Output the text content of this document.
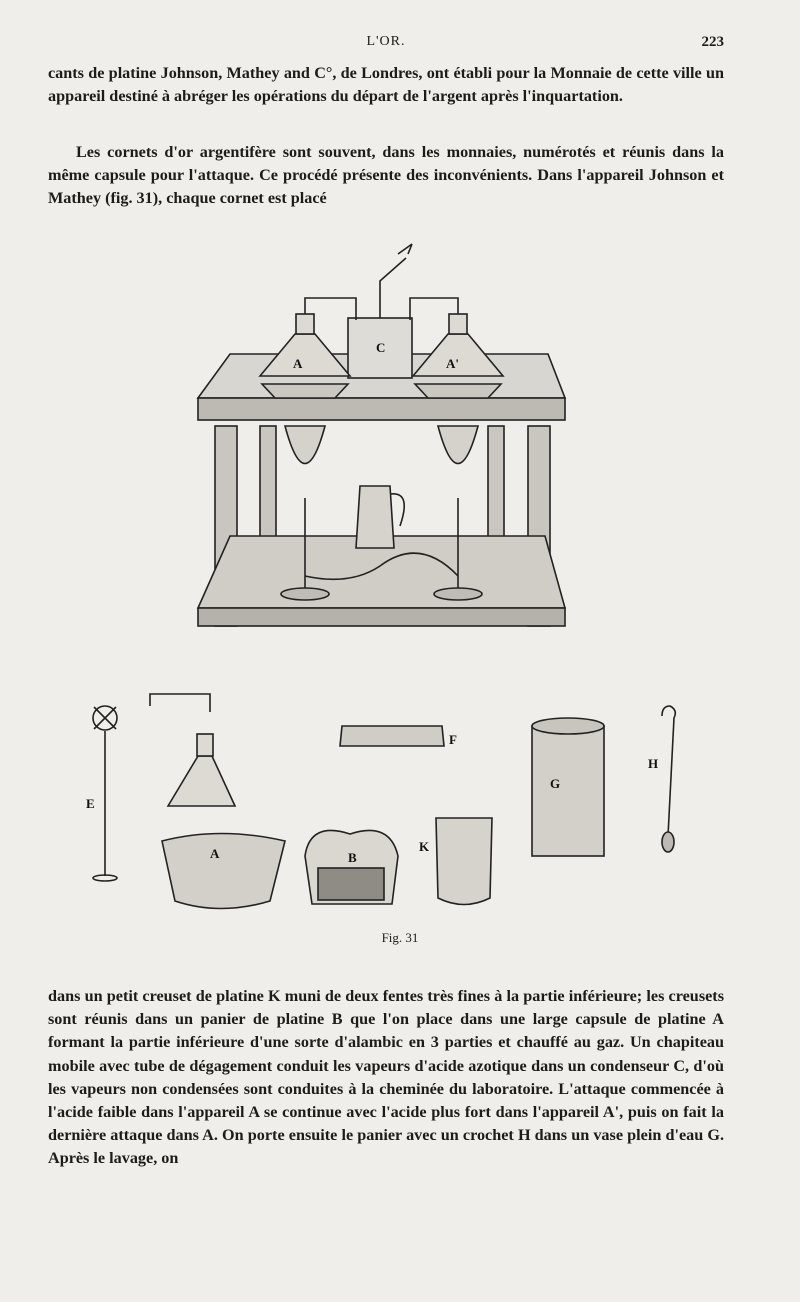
L'OR.	223

cants de platine Johnson, Mathey and C°, de Londres, ont établi pour la Monnaie de cette ville un appareil destiné à abréger les opérations du départ de l'argent après l'inquartation.

Les cornets d'or argentifère sont souvent, dans les monnaies, numérotés et réunis dans la même capsule pour l'attaque. Ce procédé présente des inconvénients. Dans l'appareil Johnson et Mathey (fig. 31), chaque cornet est placé

A	A'
C
E
F
G
H
B
K
A
Fig. 31

dans un petit creuset de platine K muni de deux fentes très fines à la partie inférieure; les creusets sont réunis dans un panier de platine B que l'on place dans une large capsule de platine A formant la partie inférieure d'une sorte d'alambic en 3 parties et chauffé au gaz. Un chapiteau mobile avec tube de dégagement conduit les vapeurs d'acide azotique dans un condenseur C, d'où les vapeurs non condensées sont conduites à la cheminée du laboratoire. L'attaque commencée à l'acide faible dans l'appareil A se continue avec l'acide plus fort dans l'appareil A', puis on fait la dernière attaque dans A. On porte ensuite le panier avec un crochet H dans un vase plein d'eau G. Après le lavage, on
